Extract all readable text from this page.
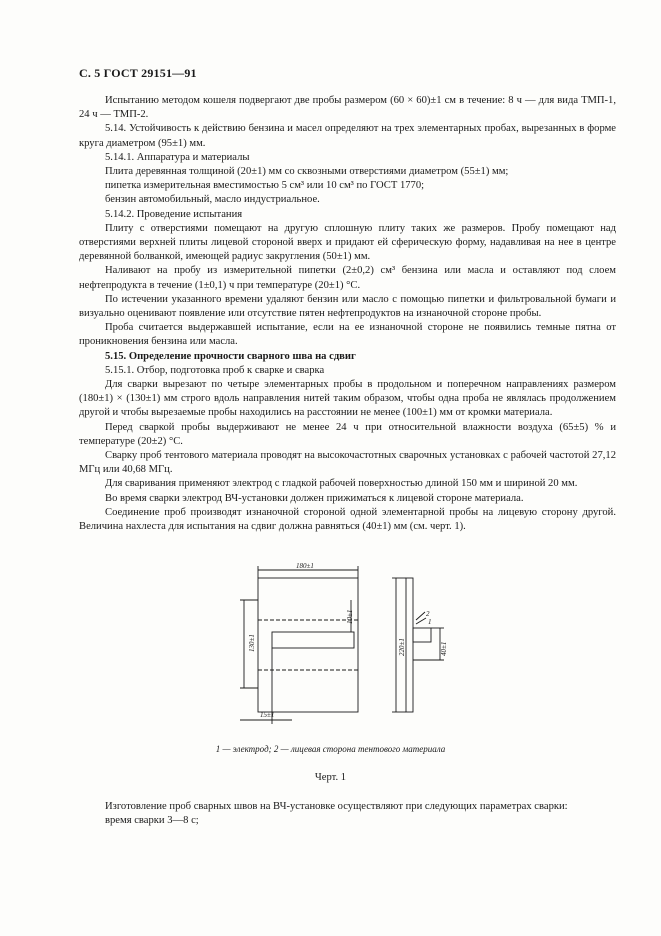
С. 5 ГОСТ 29151—91

Испытанию методом кошеля подвергают две пробы размером (60 × 60)±1 см в течение: 8 ч — для вида ТМП-1, 24 ч — ТМП-2.

5.14. Устойчивость к действию бензина и масел определяют на трех элементарных пробах, вырезанных в форме круга диаметром (95±1) мм.

5.14.1. Аппаратура и материалы

Плита деревянная толщиной (20±1) мм со сквозными отверстиями диаметром (55±1) мм;

пипетка измерительная вместимостью 5 см³ или 10 см³ по ГОСТ 1770;

бензин автомобильный, масло индустриальное.

5.14.2. Проведение испытания

Плиту с отверстиями помещают на другую сплошную плиту таких же размеров. Пробу помещают над отверстиями верхней плиты лицевой стороной вверх и придают ей сферическую форму, надавливая на нее в центре деревянной болванкой, имеющей радиус закругления (50±1) мм.

Наливают на пробу из измерительной пипетки (2±0,2) см³ бензина или масла и оставляют под слоем нефтепродукта в течение (1±0,1) ч при температуре (20±1) °С.

По истечении указанного времени удаляют бензин или масло с помощью пипетки и фильтровальной бумаги и визуально оценивают появление или отсутствие пятен нефтепродуктов на изнаночной стороне пробы.

Проба считается выдержавшей испытание, если на ее изнаночной стороне не появились темные пятна от проникновения бензина или масла.

5.15. Определение прочности сварного шва на сдвиг

5.15.1. Отбор, подготовка проб к сварке и сварка

Для сварки вырезают по четыре элементарных пробы в продольном и поперечном направлениях размером (180±1) × (130±1) мм строго вдоль направления нитей таким образом, чтобы одна проба не являлась продолжением другой и чтобы вырезаемые пробы находились на расстоянии не менее (100±1) мм от кромки материала.

Перед сваркой пробы выдерживают не менее 24 ч при относительной влажности воздуха (65±5) % и температуре (20±2) °С.

Сварку проб тентового материала проводят на высокочастотных сварочных установках с рабочей частотой 27,12 МГц или 40,68 МГц.

Для сваривания применяют электрод с гладкой рабочей поверхностью длиной 150 мм и шириной 20 мм.

Во время сварки электрод ВЧ-установки должен прижиматься к лицевой стороне материала.

Соединение проб производят изнаночной стороной одной элементарной пробы на лицевую сторону другой. Величина нахлеста для испытания на сдвиг должна равняться (40±1) мм (см. черт. 1).

180±1
130±1
10±1
15±1
220±1	40±1
2
1
1 — электрод; 2 — лицевая сторона тентового материала
Черт. 1

Изготовление проб сварных швов на ВЧ-установке осуществляют при следующих параметрах сварки:

время сварки 3—8 с;
